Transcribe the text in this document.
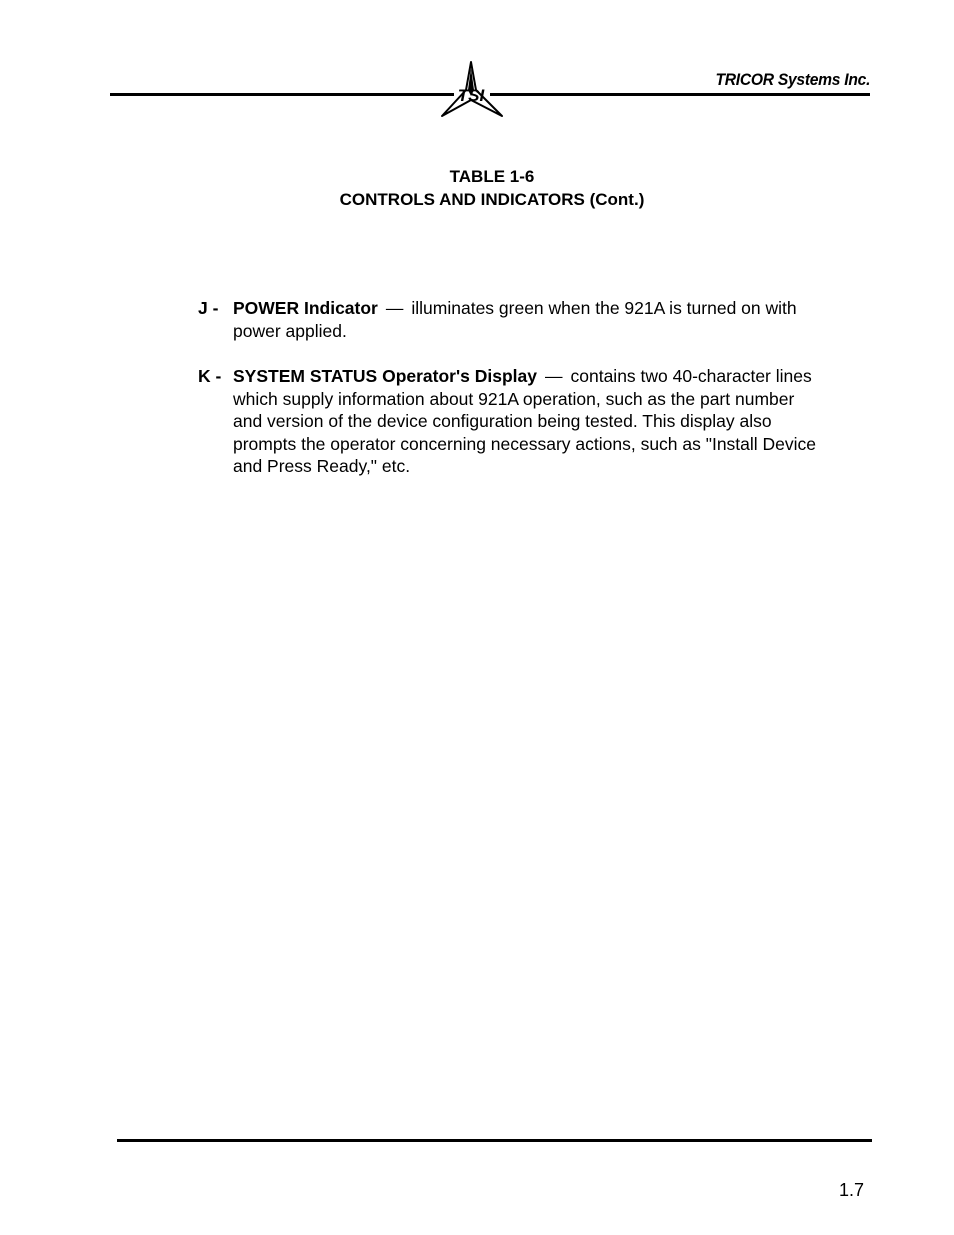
TSI
TRICOR Systems Inc.
TABLE 1-6
CONTROLS AND INDICATORS (Cont.)
J - POWER Indicator — illuminates green when the 921A is turned on with power applied.
K - SYSTEM STATUS Operator's Display — contains two 40-character lines which supply information about 921A operation, such as the part number and version of the device configuration being tested. This display also prompts the operator concerning necessary actions, such as "Install Device and Press Ready," etc.
1.7
